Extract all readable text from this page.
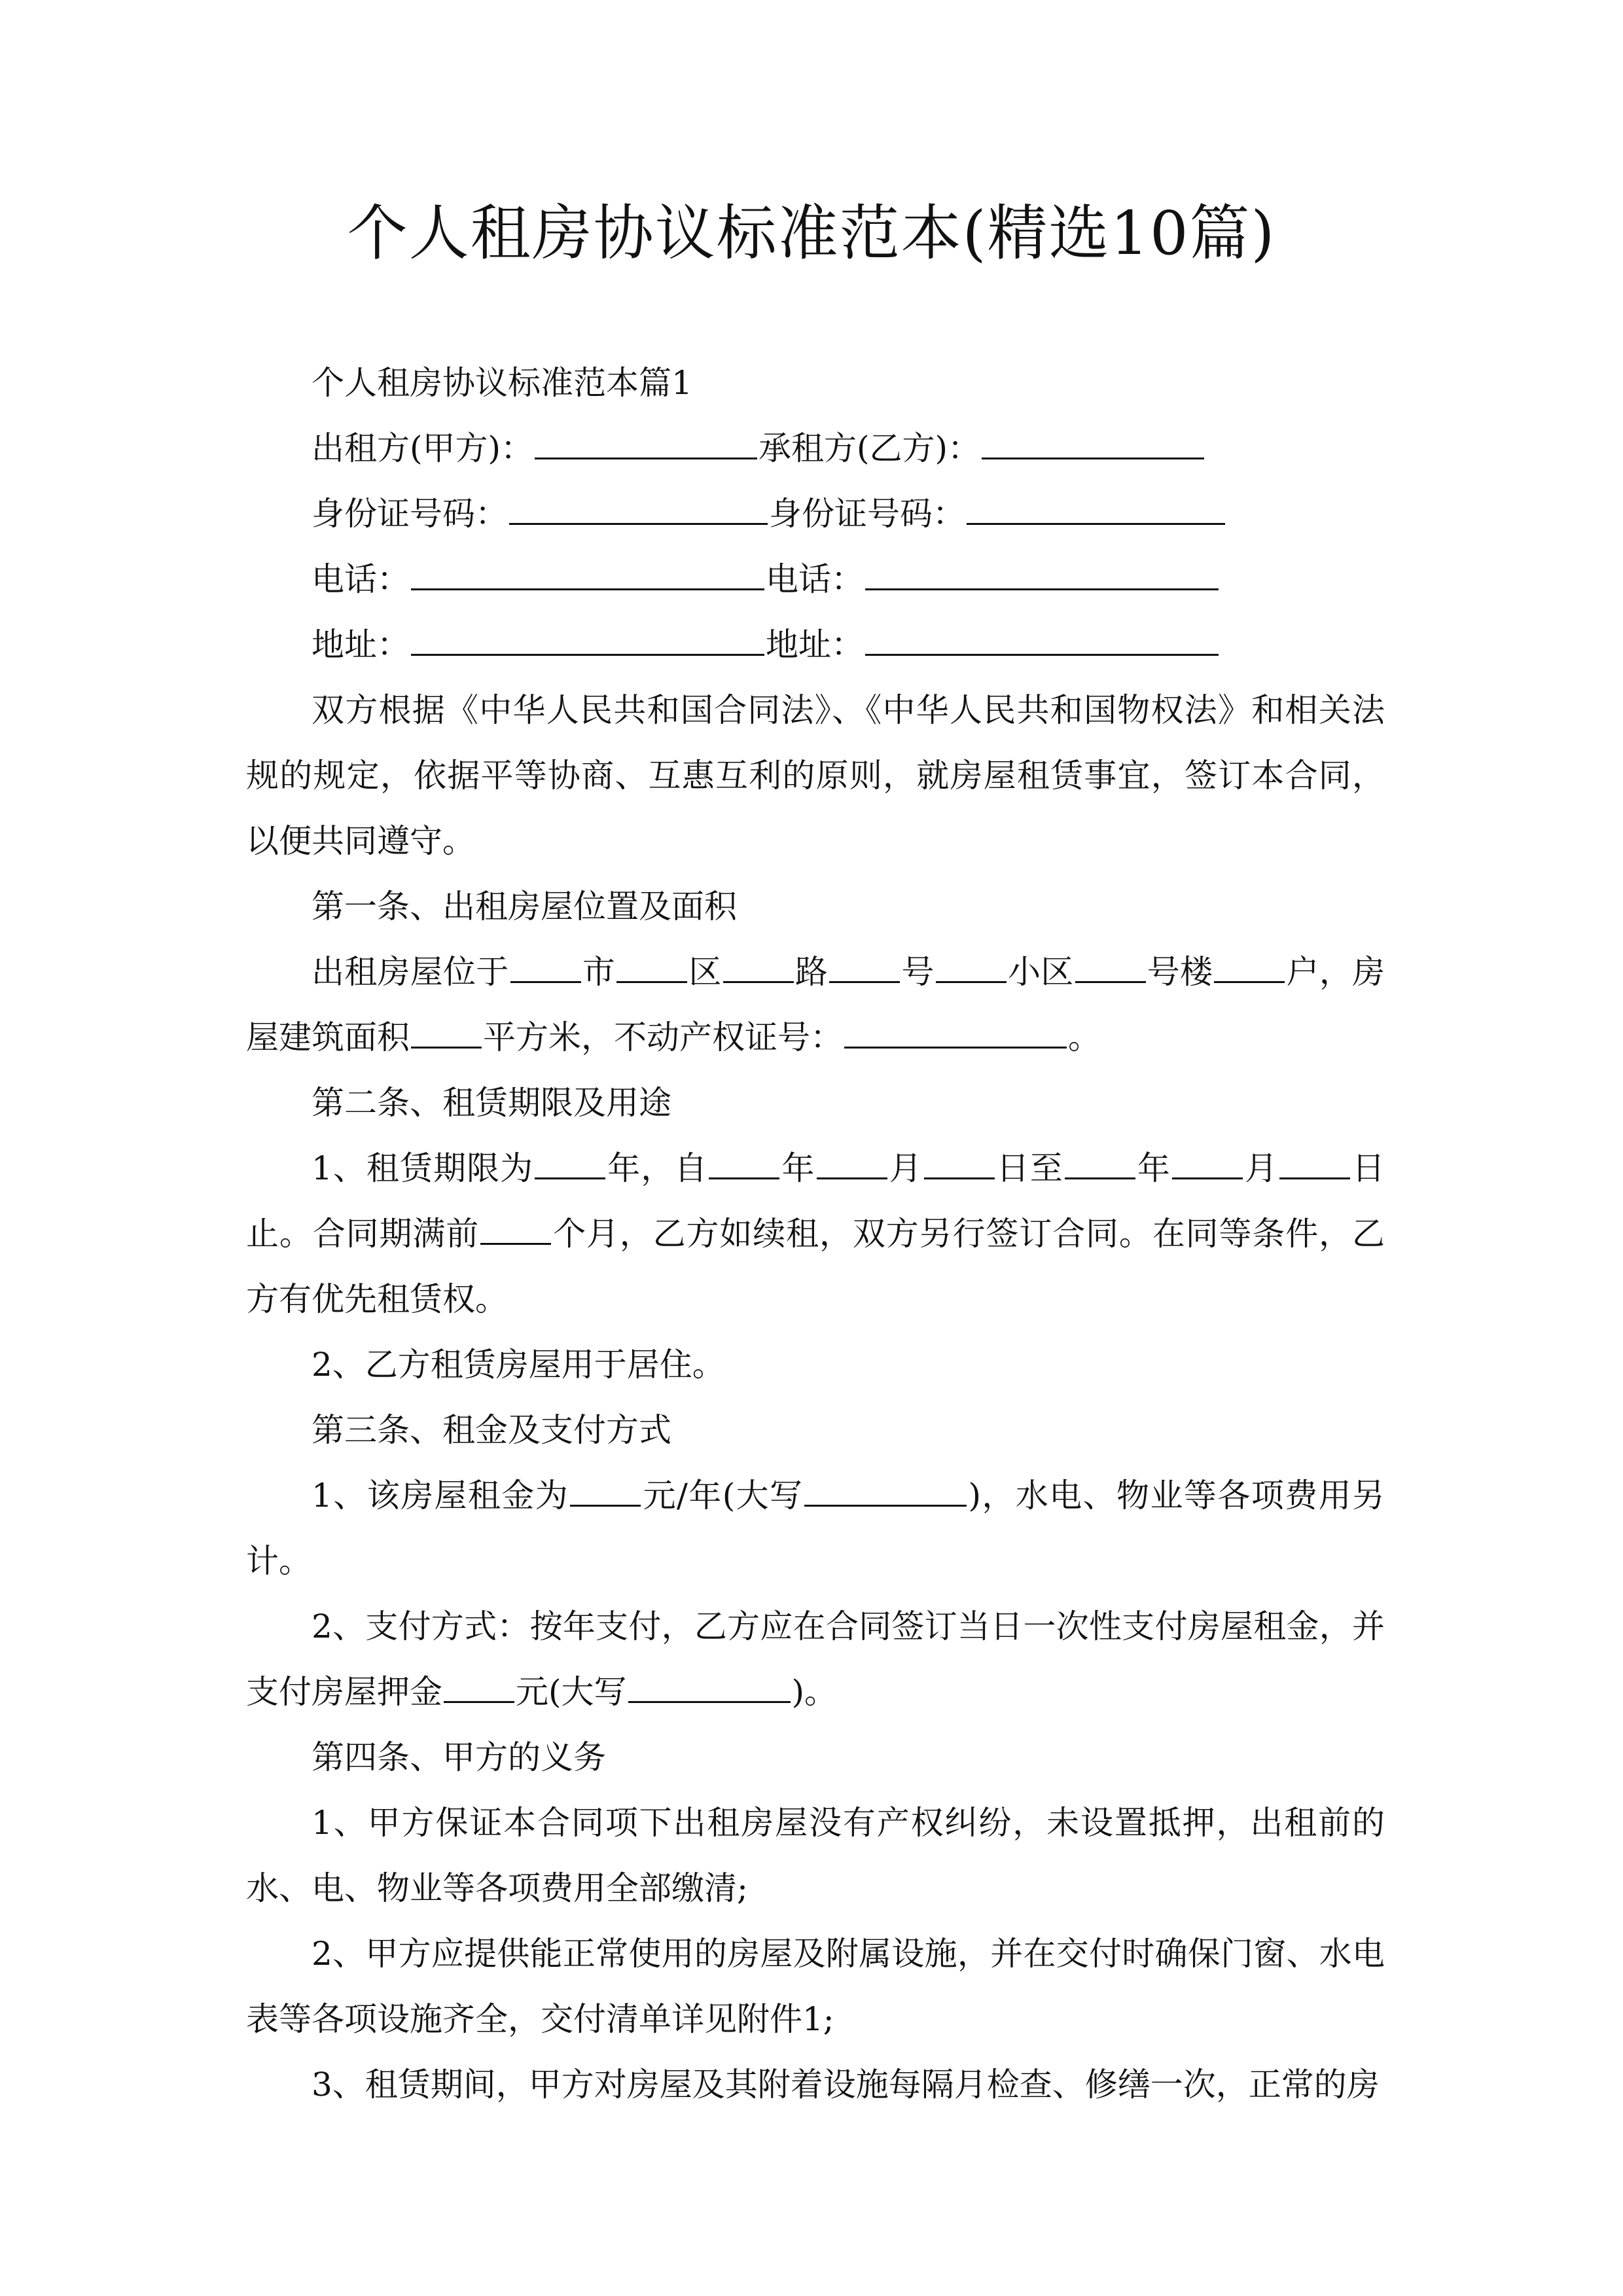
个人租房协议标准范本(精选10篇)

个人租房协议标准范本篇1

出租方(甲方)：	承租方(乙方)：

身份证号码：	身份证号码：

电话：	电话：

地址：	地址：

双方根据《中华人民共和国合同法》、《中华人民共和国物权法》和相关法规的规定，依据平等协商、互惠互利的原则，就房屋租赁事宜，签订本合同，以便共同遵守。

第一条、出租房屋位置及面积

出租房屋位于 市 区 路 号 小区 号楼 户，房屋建筑面积 平方米，不动产权证号：	。

第二条、租赁期限及用途

1、租赁期限为 年，自 年 月 日至 年 月 日止。合同期满前 个月，乙方如续租，双方另行签订合同。在同等条件，乙方有优先租赁权。

2、乙方租赁房屋用于居住。

第三条、租金及支付方式

1、该房屋租金为 元/年(大写	)，水电、物业等各项费用另计。

2、支付方式：按年支付，乙方应在合同签订当日一次性支付房屋租金，并支付房屋押金 元(大写	)。

第四条、甲方的义务

1、甲方保证本合同项下出租房屋没有产权纠纷，未设置抵押，出租前的水、电、物业等各项费用全部缴清;

2、甲方应提供能正常使用的房屋及附属设施，并在交付时确保门窗、水电表等各项设施齐全，交付清单详见附件1;

3、租赁期间，甲方对房屋及其附着设施每隔月检查、修缮一次，正常的房
